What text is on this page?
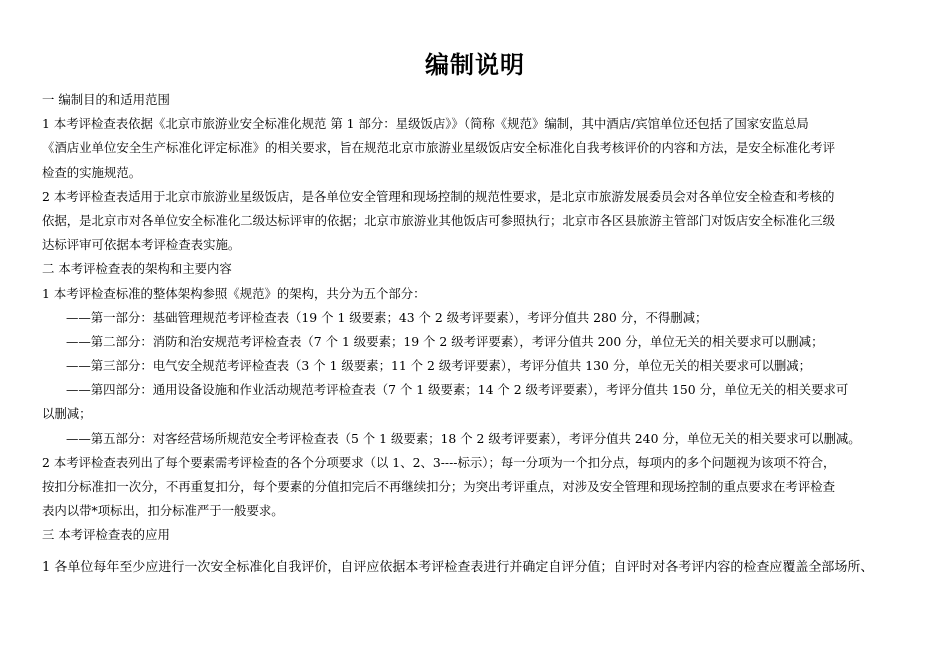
编制说明
一 编制目的和适用范围
1 本考评检查表依据《北京市旅游业安全标准化规范 第 1 部分：星级饭店》》（简称《规范》编制，其中酒店/宾馆单位还包括了国家安监总局
《酒店业单位安全生产标准化评定标准》的相关要求，旨在规范北京市旅游业星级饭店安全标准化自我考核评价的内容和方法，是安全标准化考评
检查的实施规范。
2 本考评检查表适用于北京市旅游业星级饭店，是各单位安全管理和现场控制的规范性要求，是北京市旅游发展委员会对各单位安全检查和考核的
依据，是北京市对各单位安全标准化二级达标评审的依据；北京市旅游业其他饭店可参照执行；北京市各区县旅游主管部门对饭店安全标准化三级
达标评审可依据本考评检查表实施。
二 本考评检查表的架构和主要内容
1 本考评检查标准的整体架构参照《规范》的架构，共分为五个部分：
——第一部分：基础管理规范考评检查表（19 个 1 级要素；43 个 2 级考评要素），考评分值共 280 分，不得删减；
——第二部分：消防和治安规范考评检查表（7 个 1 级要素；19 个 2 级考评要素），考评分值共 200 分，单位无关的相关要求可以删减；
——第三部分：电气安全规范考评检查表（3 个 1 级要素；11 个 2 级考评要素），考评分值共 130 分，单位无关的相关要求可以删减；
——第四部分：通用设备设施和作业活动规范考评检查表（7 个 1 级要素；14 个 2 级考评要素），考评分值共 150 分，单位无关的相关要求可
以删减；
——第五部分：对客经营场所规范安全考评检查表（5 个 1 级要素；18 个 2 级考评要素），考评分值共 240 分，单位无关的相关要求可以删减。
2 本考评检查表列出了每个要素需考评检查的各个分项要求（以 1、2、3----标示）；每一分项为一个扣分点，每项内的多个问题视为该项不符合，
按扣分标准扣一次分，不再重复扣分，每个要素的分值扣完后不再继续扣分；为突出考评重点，对涉及安全管理和现场控制的重点要求在考评检查
表内以带*项标出，扣分标准严于一般要求。
三 本考评检查表的应用
1 各单位每年至少应进行一次安全标准化自我评价，自评应依据本考评检查表进行并确定自评分值；自评时对各考评内容的检查应覆盖全部场所、
